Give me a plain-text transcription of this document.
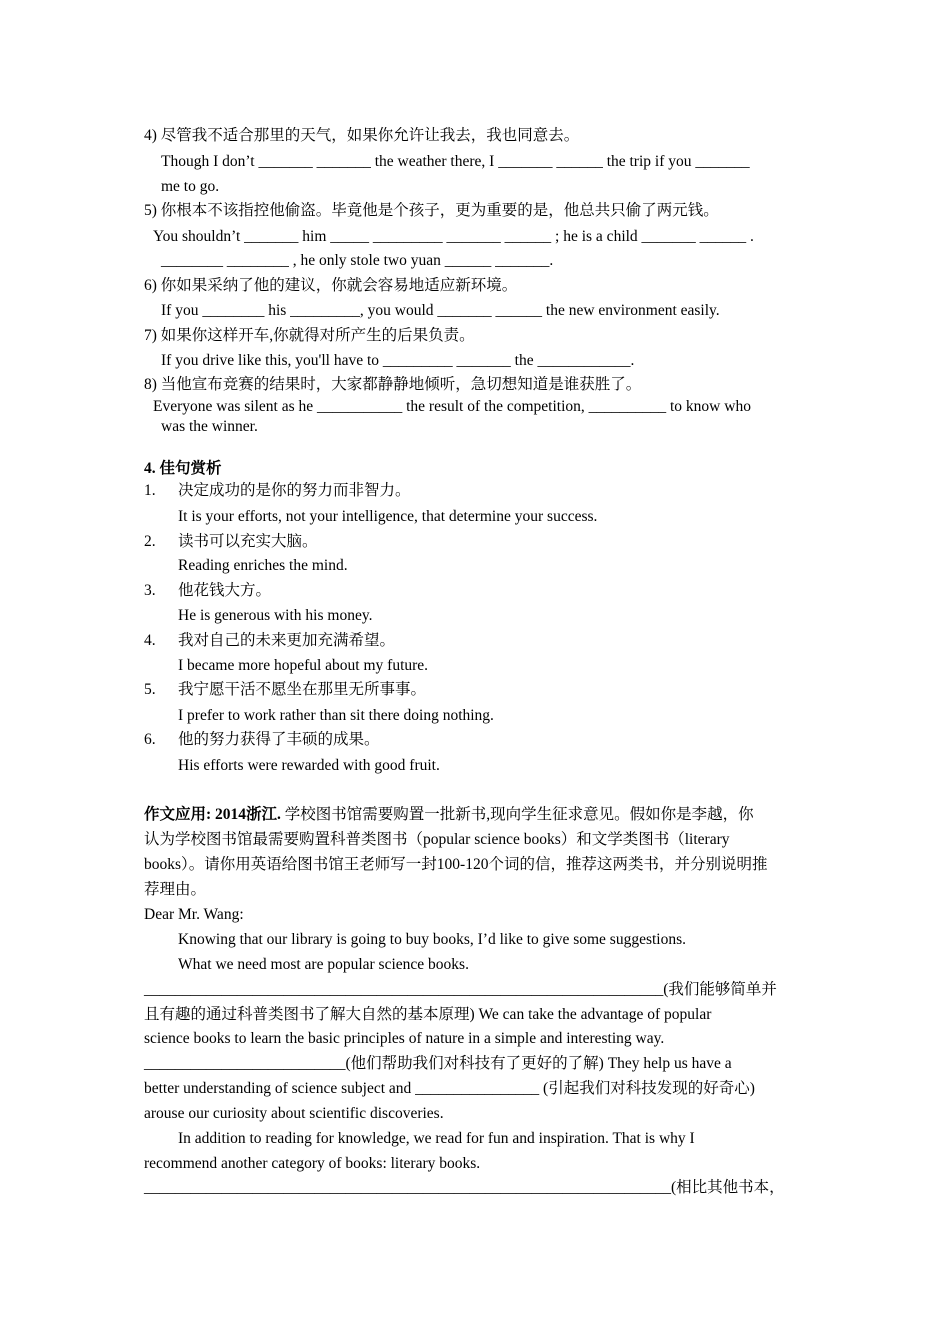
4) 尽管我不适合那里的天气，如果你允许让我去，我也同意去。
Though I don’t _______ _______ the weather there, I _______ ______ the trip if you _______
me to go.
5) 你根本不该指控他偷盗。毕竟他是个孩子，更为重要的是，他总共只偷了两元钱。
You shouldn’t _______ him _____ _________ _______ ______ ; he is a child _______ ______ .
________ ________ , he only stole two yuan ______ _______.
6) 你如果采纳了他的建议，你就会容易地适应新环境。
If you ________ his _________, you would _______ ______ the new environment easily.
7) 如果你这样开车,你就得对所产生的后果负责。
If you drive like this, you'll have to _________ _______ the ____________.
8) 当他宣布竞赛的结果时，大家都静静地倾听，急切想知道是谁获胜了。
Everyone was silent as he ___________ the result of the competition, __________ to know who
was the winner.
4. 佳句赏析
1. 决定成功的是你的努力而非智力。
It is your efforts, not your intelligence, that determine your success.
2. 读书可以充实大脑。
Reading enriches the mind.
3. 他花钱大方。
He is generous with his money.
4. 我对自己的未来更加充满希望。
I became more hopeful about my future.
5. 我宁愿干活不愿坐在那里无所事事。
I prefer to work rather than sit there doing nothing.
6. 他的努力获得了丰硕的成果。
His efforts were rewarded with good fruit.
作文应用: 2014浙江. 学校图书馆需要购置一批新书,现向学生征求意见。假如你是李越，你
认为学校图书馆最需要购置科普类图书（popular science books）和文学类图书（literary
books）。请你用英语给图书馆王老师写一封100-120个词的信，推荐这两类书，并分别说明推
荐理由。
Dear Mr. Wang:
Knowing that our library is going to buy books, I’d like to give some suggestions.
What we need most are popular science books.
___________________________________________________________________(我们能够简单并
且有趣的通过科普类图书了解大自然的基本原理) We can take the advantage of popular
science books to learn the basic principles of nature in a simple and interesting way.
__________________________(他们帮助我们对科技有了更好的了解) They help us have a
better understanding of science subject and ________________ (引起我们对科技发现的好奇心)
arouse our curiosity about scientific discoveries.
In addition to reading for knowledge, we read for fun and inspiration. That is why I
recommend another category of books: literary books.
____________________________________________________________________(相比其他书本，
